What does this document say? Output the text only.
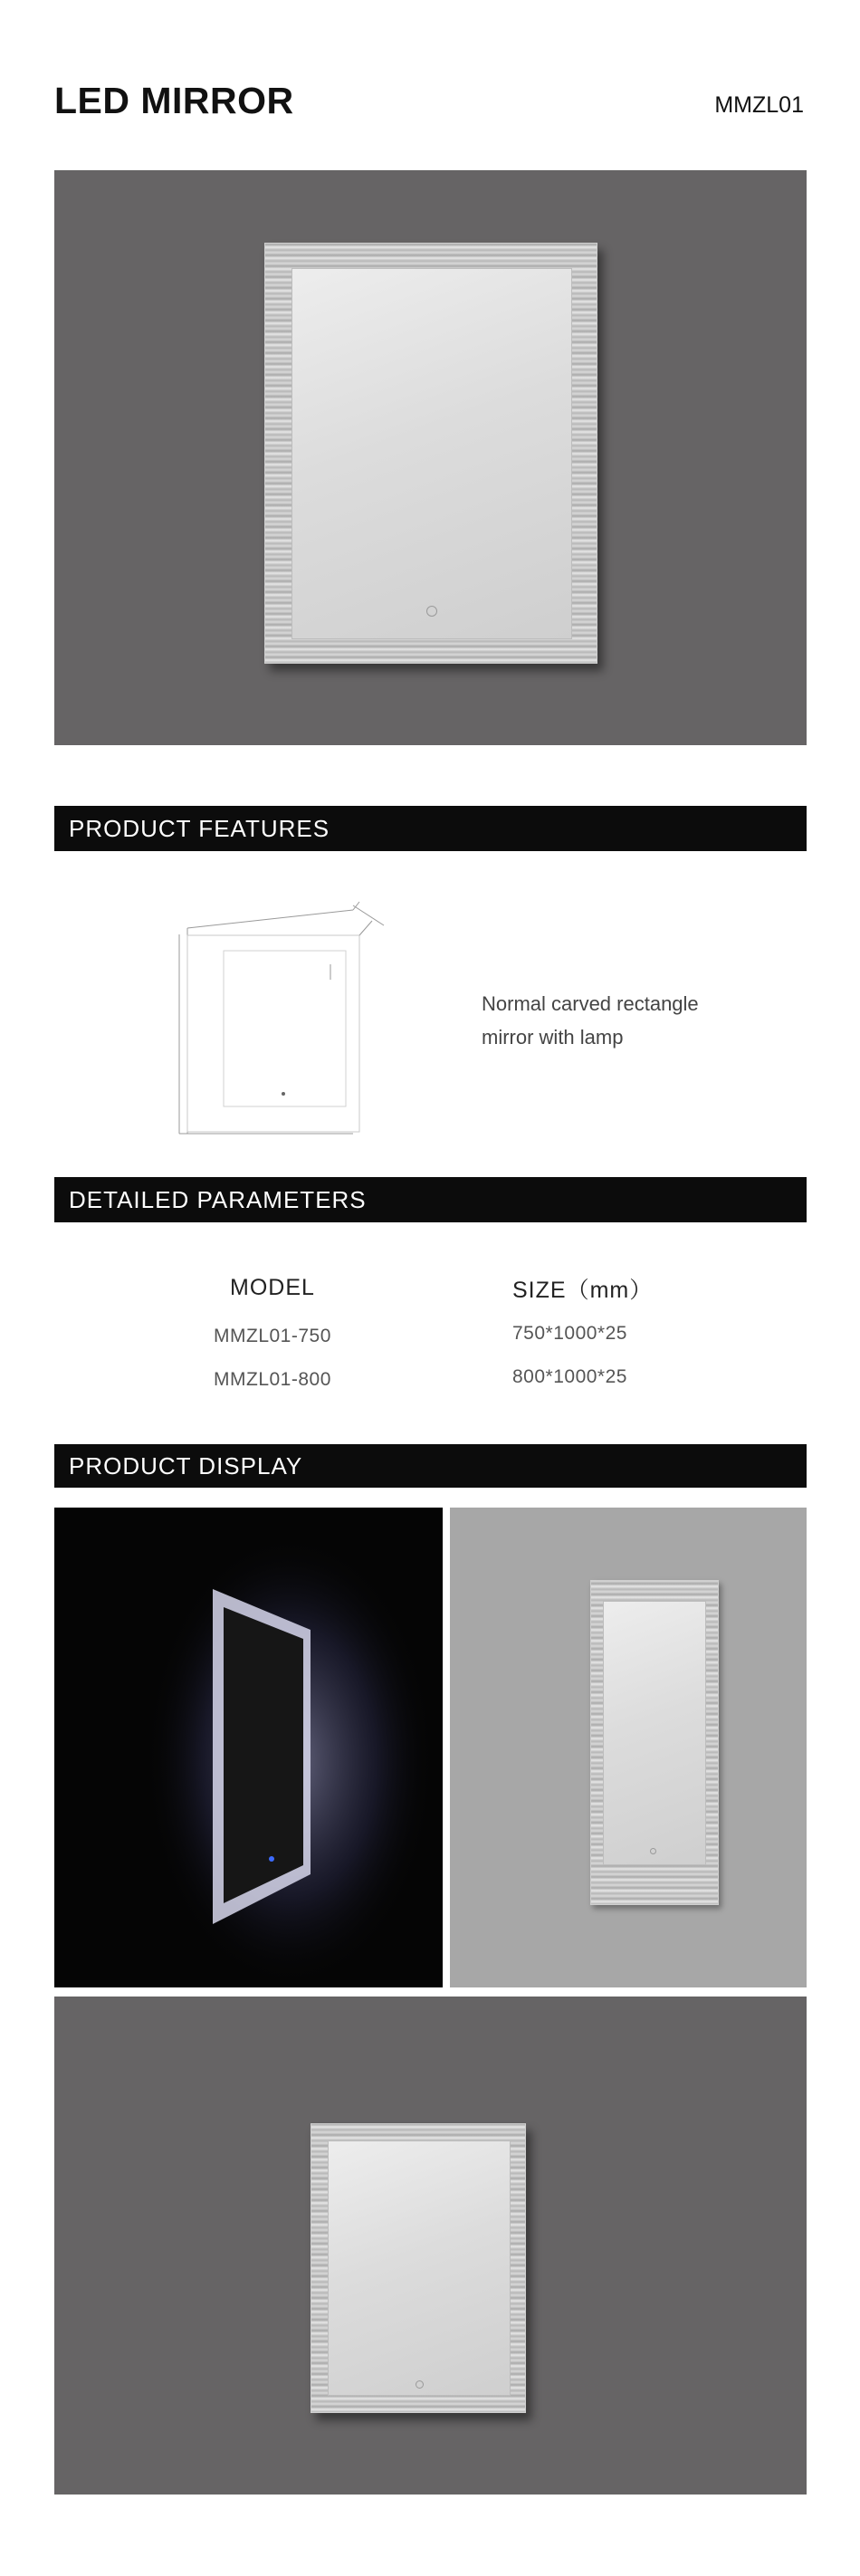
LED MIRROR	MMZL01
PRODUCT FEATURES
Normal carved rectangle
mirror with lamp
DETAILED PARAMETERS
MODEL	SIZE（mm）
MMZL01-750	750*1000*25
MMZL01-800	800*1000*25
PRODUCT DISPLAY
